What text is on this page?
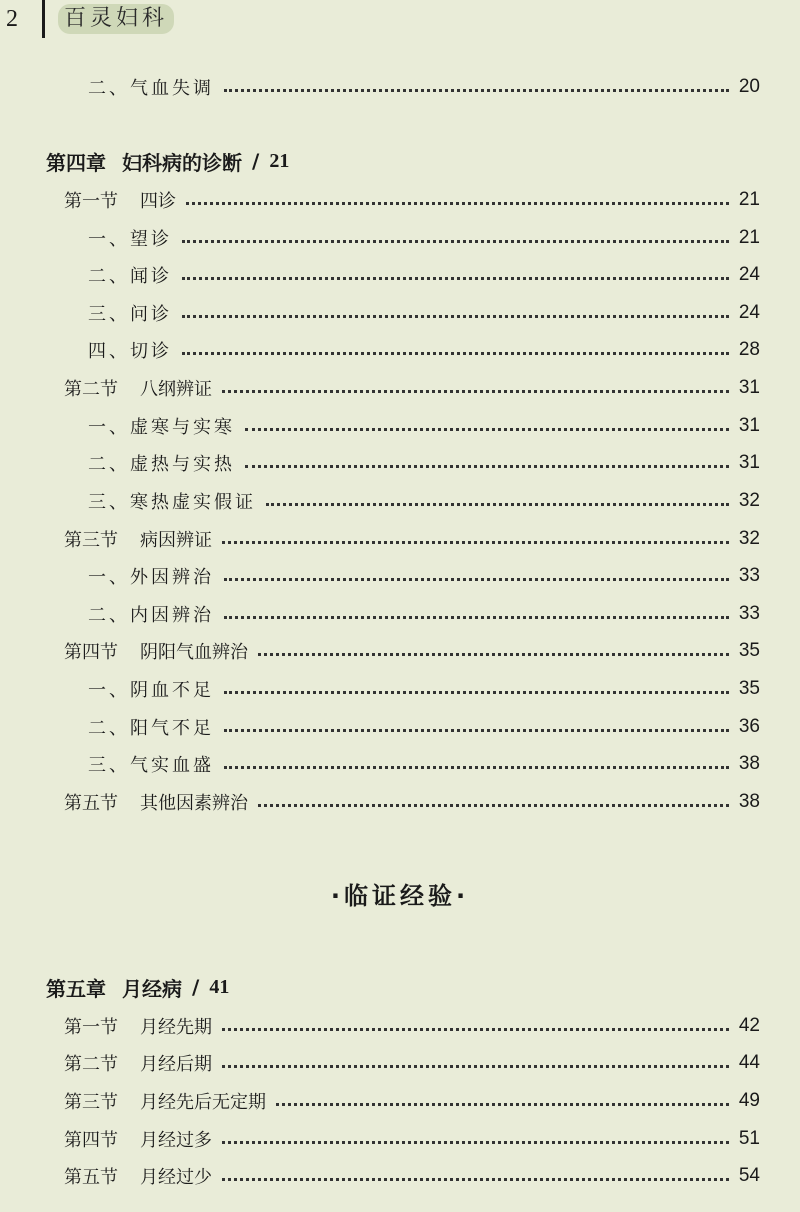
2 百灵妇科
二、气血失调	20
第四章 妇科病的诊断 / 21
第一节 四诊	21
一、望诊	21
二、闻诊	24
三、问诊	24
四、切诊	28
第二节 八纲辨证	31
一、虚寒与实寒	31
二、虚热与实热	31
三、寒热虚实假证	32
第三节 病因辨证	32
一、外因辨治	33
二、内因辨治	33
第四节 阴阳气血辨治	35
一、阴血不足	35
二、阳气不足	36
三、气实血盛	38
第五节 其他因素辨治	38
·临证经验·
第五章 月经病 / 41
第一节 月经先期	42
第二节 月经后期	44
第三节 月经先后无定期	49
第四节 月经过多	51
第五节 月经过少	54
